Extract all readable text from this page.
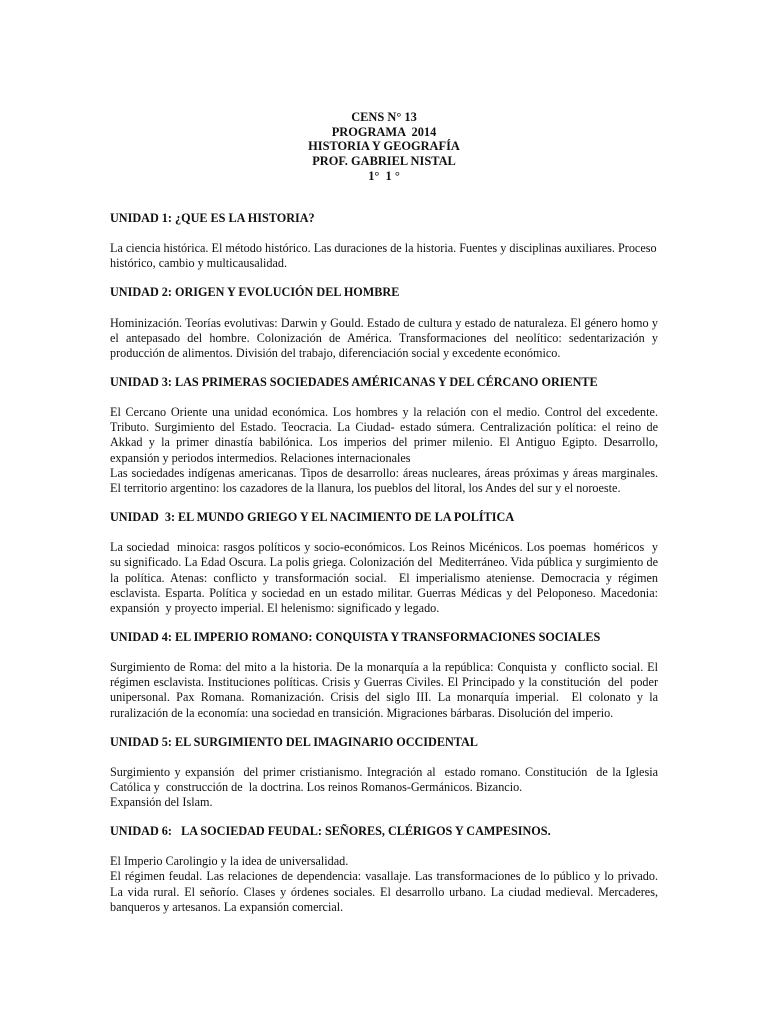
CENS N° 13
PROGRAMA  2014
HISTORIA Y GEOGRAFÍA
PROF. GABRIEL NISTAL
1°  1 °
UNIDAD 1: ¿QUE ES LA HISTORIA?

La ciencia histórica. El método histórico. Las duraciones de la historia. Fuentes y disciplinas auxiliares. Proceso histórico, cambio y multicausalidad.

UNIDAD 2: ORIGEN Y EVOLUCIÓN DEL HOMBRE

Hominización. Teorías evolutivas: Darwin y Gould. Estado de cultura y estado de naturaleza. El género homo y el antepasado del hombre. Colonización de América. Transformaciones del neolítico: sedentarización y producción de alimentos. División del trabajo, diferenciación social y excedente económico.

UNIDAD 3: LAS PRIMERAS SOCIEDADES AMÉRICANAS Y DEL CÉRCANO ORIENTE

El Cercano Oriente una unidad económica. Los hombres y la relación con el medio. Control del excedente. Tributo. Surgimiento del Estado. Teocracia. La Ciudad- estado súmera. Centralización política: el reino de Akkad y la primer dinastía babilónica. Los imperios del primer milenio. El Antiguo Egipto. Desarrollo, expansión y periodos intermedios. Relaciones internacionales

Las sociedades indígenas americanas. Tipos de desarrollo: áreas nucleares, áreas próximas y áreas marginales. El territorio argentino: los cazadores de la llanura, los pueblos del litoral, los Andes del sur y el noroeste.

UNIDAD  3: EL MUNDO GRIEGO Y EL NACIMIENTO DE LA POLÍTICA

La sociedad  minoica: rasgos políticos y socio-económicos. Los Reinos Micénicos. Los poemas  homéricos  y su significado. La Edad Oscura. La polis griega. Colonización del  Mediterráneo. Vida pública y surgimiento de la política. Atenas: conflicto y transformación social.  El imperialismo ateniense. Democracia y régimen esclavista. Esparta. Política y sociedad en un estado militar. Guerras Médicas y del Peloponeso. Macedonia: expansión  y proyecto imperial. El helenismo: significado y legado.

UNIDAD 4: EL IMPERIO ROMANO: CONQUISTA Y TRANSFORMACIONES SOCIALES

Surgimiento de Roma: del mito a la historia. De la monarquía a la república: Conquista y  conflicto social. El régimen esclavista. Instituciones políticas. Crisis y Guerras Civiles. El Principado y la constitución  del  poder  unipersonal. Pax Romana. Romanización. Crisis del siglo III. La monarquía imperial.  El colonato y la ruralización de la economía: una sociedad en transición. Migraciones bárbaras. Disolución del imperio.

UNIDAD 5: EL SURGIMIENTO DEL IMAGINARIO OCCIDENTAL

Surgimiento y expansión  del primer cristianismo. Integración al  estado romano. Constitución  de la Iglesia Católica y  construcción de  la doctrina. Los reinos Romanos-Germánicos. Bizancio.

Expansión del Islam.

UNIDAD 6:   LA SOCIEDAD FEUDAL: SEÑORES, CLÉRIGOS Y CAMPESINOS.

El Imperio Carolingio y la idea de universalidad.

El régimen feudal. Las relaciones de dependencia: vasallaje. Las transformaciones de lo público y lo privado. La vida rural. El señorío. Clases y órdenes sociales. El desarrollo urbano. La ciudad medieval. Mercaderes, banqueros y artesanos. La expansión comercial.
